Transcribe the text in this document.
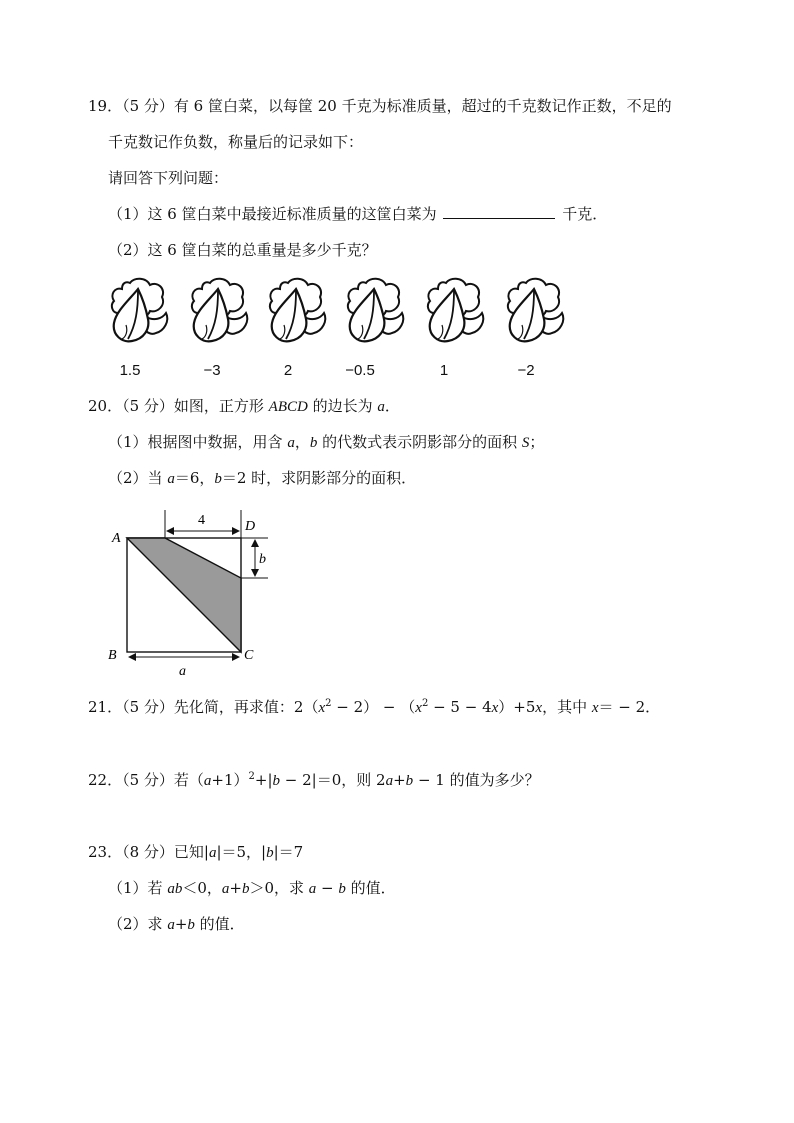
19．（5 分）有 6 筐白菜，以每筐 20 千克为标准质量，超过的千克数记作正数，不足的
千克数记作负数，称量后的记录如下：
请回答下列问题：
（1）这 6 筐白菜中最接近标准质量的这筐白菜为	千克．
（2）这 6 筐白菜的总重量是多少千克？
1.5	−3	2	−0.5	1	−2
20．（5 分）如图，正方形 ABCD 的边长为 a．
（1）根据图中数据，用含 a，b 的代数式表示阴影部分的面积 S；
（2）当 a＝6，b＝2 时，求阴影部分的面积．
A
D
B	C
4
b
a
21．（5 分）先化简，再求值：$2(x^2 - 2) - (x^2 - 5 - 4x)+5x$，其中 x＝ − 2．
22．（5 分）若$(a+1)^2+|b - 2|=0$，则 2a+b − 1 的值为多少？
23．（8 分）已知|a|＝5，|b|＝7
（1）若 ab＜0，a+b＞0，求 a − b 的值．
（2）求 a+b 的值．
